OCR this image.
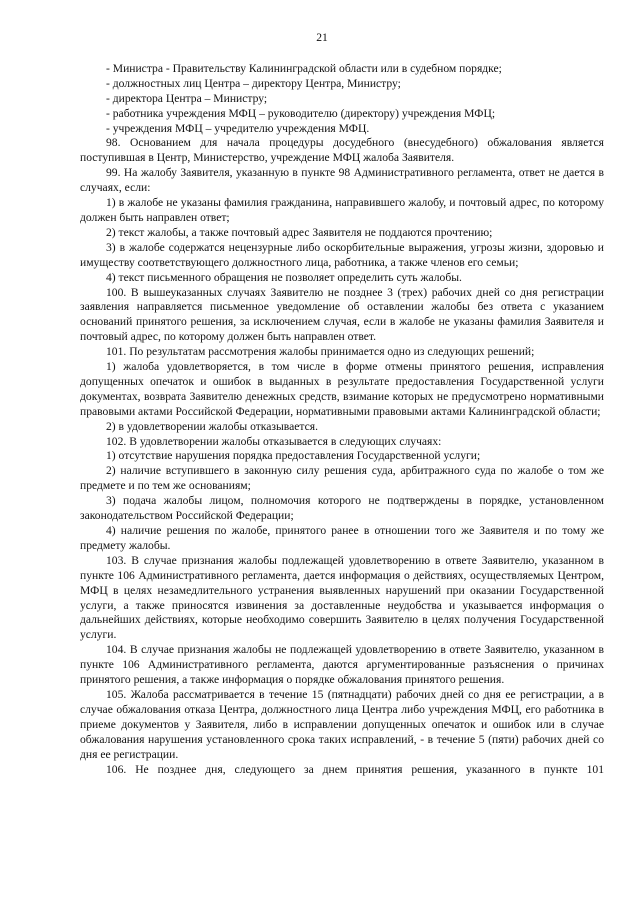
21

- Министра - Правительству Калининградской области или в судебном порядке;

- должностных лиц Центра – директору Центра, Министру;

- директора Центра – Министру;

- работника учреждения МФЦ – руководителю (директору) учреждения МФЦ;

- учреждения МФЦ – учредителю учреждения МФЦ.

98. Основанием для начала процедуры досудебного (внесудебного) обжалования является поступившая в Центр, Министерство, учреждение МФЦ жалоба Заявителя.

99. На жалобу Заявителя, указанную в пункте 98 Административного регламента, ответ не дается в случаях, если:

1) в жалобе не указаны фамилия гражданина, направившего жалобу, и почтовый адрес, по которому должен быть направлен ответ;

2) текст жалобы, а также почтовый адрес Заявителя не поддаются прочтению;

3) в жалобе содержатся нецензурные либо оскорбительные выражения, угрозы жизни, здоровью и имуществу соответствующего должностного лица, работника, а также членов его семьи;

4) текст письменного обращения не позволяет определить суть жалобы.

100. В вышеуказанных случаях Заявителю не позднее 3 (трех) рабочих дней со дня регистрации заявления направляется письменное уведомление об оставлении жалобы без ответа с указанием оснований принятого решения, за исключением случая, если в жалобе не указаны фамилия Заявителя и почтовый адрес, по которому должен быть направлен ответ.

101. По результатам рассмотрения жалобы принимается одно из следующих решений;

1) жалоба удовлетворяется, в том числе в форме отмены принятого решения, исправления допущенных опечаток и ошибок в выданных в результате предоставления Государственной услуги документах, возврата Заявителю денежных средств, взимание которых не предусмотрено нормативными правовыми актами Российской Федерации, нормативными правовыми актами Калининградской области;

2) в удовлетворении жалобы отказывается.

102. В удовлетворении жалобы отказывается в следующих случаях:

1) отсутствие нарушения порядка предоставления Государственной услуги;

2) наличие вступившего в законную силу решения суда, арбитражного суда по жалобе о том же предмете и по тем же основаниям;

3) подача жалобы лицом, полномочия которого не подтверждены в порядке, установленном законодательством Российской Федерации;

4) наличие решения по жалобе, принятого ранее в отношении того же Заявителя и по тому же предмету жалобы.

103. В случае признания жалобы подлежащей удовлетворению в ответе Заявителю, указанном в пункте 106 Административного регламента, дается информация о действиях, осуществляемых Центром, МФЦ в целях незамедлительного устранения выявленных нарушений при оказании Государственной услуги, а также приносятся извинения за доставленные неудобства и указывается информация о дальнейших действиях, которые необходимо совершить Заявителю в целях получения Государственной услуги.

104. В случае признания жалобы не подлежащей удовлетворению в ответе Заявителю, указанном в пункте 106 Административного регламента, даются аргументированные разъяснения о причинах принятого решения, а также информация о порядке обжалования принятого решения.

105. Жалоба рассматривается в течение 15 (пятнадцати) рабочих дней со дня ее регистрации, а в случае обжалования отказа Центра, должностного лица Центра либо учреждения МФЦ, его работника в приеме документов у Заявителя, либо в исправлении допущенных опечаток и ошибок или в случае обжалования нарушения установленного срока таких исправлений, - в течение 5 (пяти) рабочих дней со дня ее регистрации.

106. Не позднее дня, следующего за днем принятия решения, указанного в пункте 101
